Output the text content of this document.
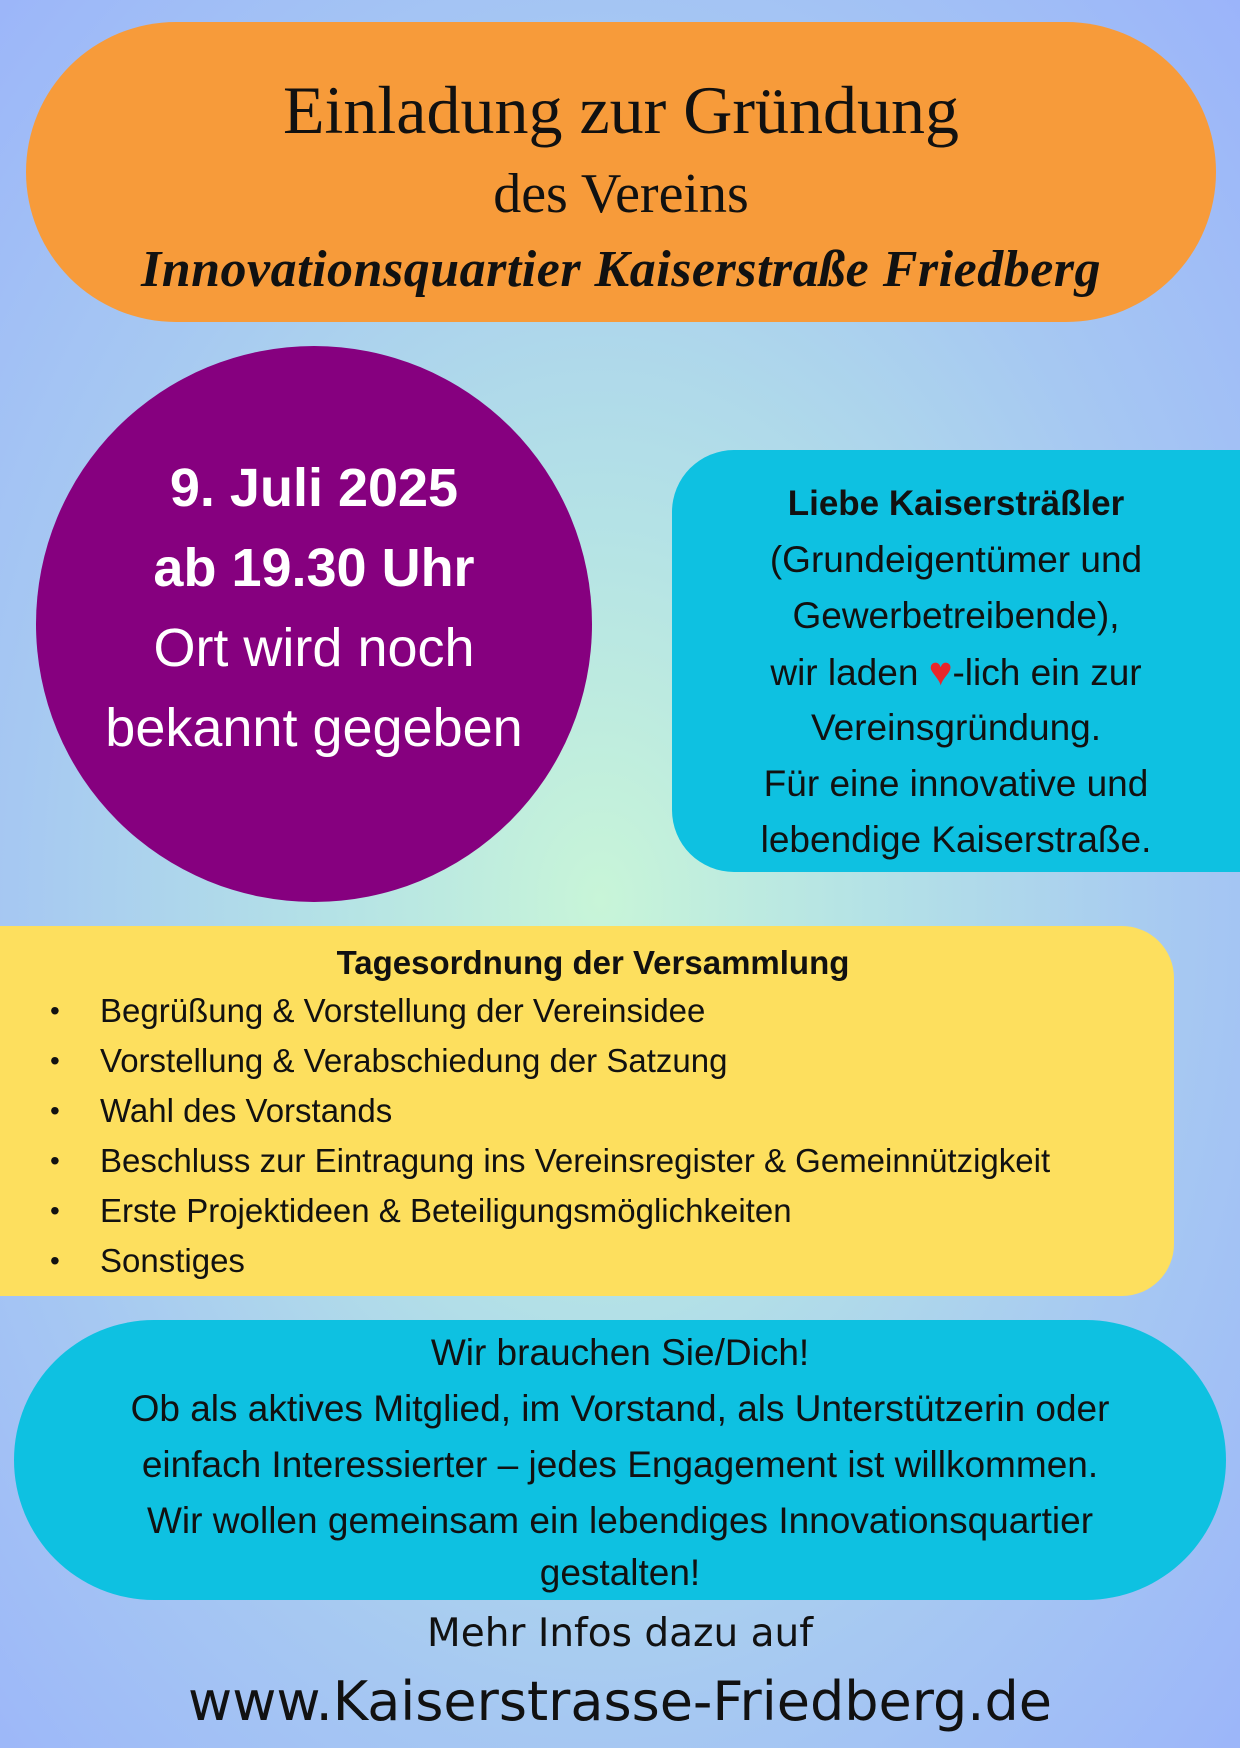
Einladung zur Gründung
des Vereins
Innovationsquartier Kaiserstraße Friedberg
9. Juli 2025
ab 19.30 Uhr
Ort wird noch
bekannt gegeben
Liebe Kaisersträßler
(Grundeigentümer und
Gewerbetreibende),
wir laden ♥-lich ein zur
Vereinsgründung.
Für eine innovative und
lebendige Kaiserstraße.
Tagesordnung der Versammlung
• Begrüßung & Vorstellung der Vereinsidee
• Vorstellung & Verabschiedung der Satzung
• Wahl des Vorstands
• Beschluss zur Eintragung ins Vereinsregister & Gemeinnützigkeit
• Erste Projektideen & Beteiligungsmöglichkeiten
• Sonstiges
Wir brauchen Sie/Dich!
Ob als aktives Mitglied, im Vorstand, als Unterstützerin oder
einfach Interessierter – jedes Engagement ist willkommen.
Wir wollen gemeinsam ein lebendiges Innovationsquartier
gestalten!
Mehr Infos dazu auf
www.Kaiserstrasse-Friedberg.de
